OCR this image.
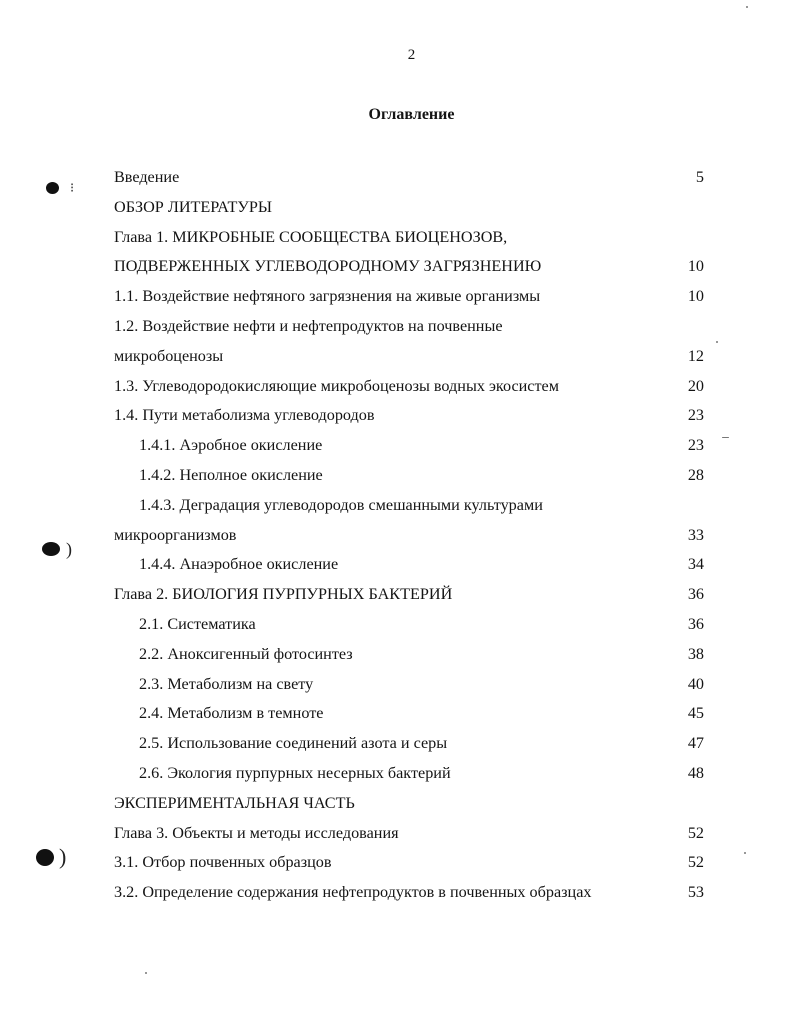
2
Оглавление
Введение	5
ОБЗОР ЛИТЕРАТУРЫ
Глава 1. МИКРОБНЫЕ СООБЩЕСТВА БИОЦЕНОЗОВ,
ПОДВЕРЖЕННЫХ УГЛЕВОДОРОДНОМУ ЗАГРЯЗНЕНИЮ	10
1.1. Воздействие нефтяного загрязнения на живые организмы	10
1.2. Воздействие нефти и нефтепродуктов на почвенные
микробоценозы	12
1.3. Углеводородокисляющие микробоценозы водных экосистем	20
1.4. Пути метаболизма углеводородов	23
1.4.1. Аэробное окисление	23
1.4.2. Неполное окисление	28
1.4.3. Деградация углеводородов смешанными культурами
микроорганизмов	33
1.4.4. Анаэробное окисление	34
Глава 2. БИОЛОГИЯ ПУРПУРНЫХ БАКТЕРИЙ	36
2.1. Систематика	36
2.2. Аноксигенный фотосинтез	38
2.3. Метаболизм на свету	40
2.4. Метаболизм в темноте	45
2.5. Использование соединений азота и серы	47
2.6. Экология пурпурных несерных бактерий	48
ЭКСПЕРИМЕНТАЛЬНАЯ ЧАСТЬ
Глава 3. Объекты и методы исследования	52
3.1. Отбор почвенных образцов	52
3.2. Определение содержания нефтепродуктов в почвенных образцах	53
⁝
)
)
